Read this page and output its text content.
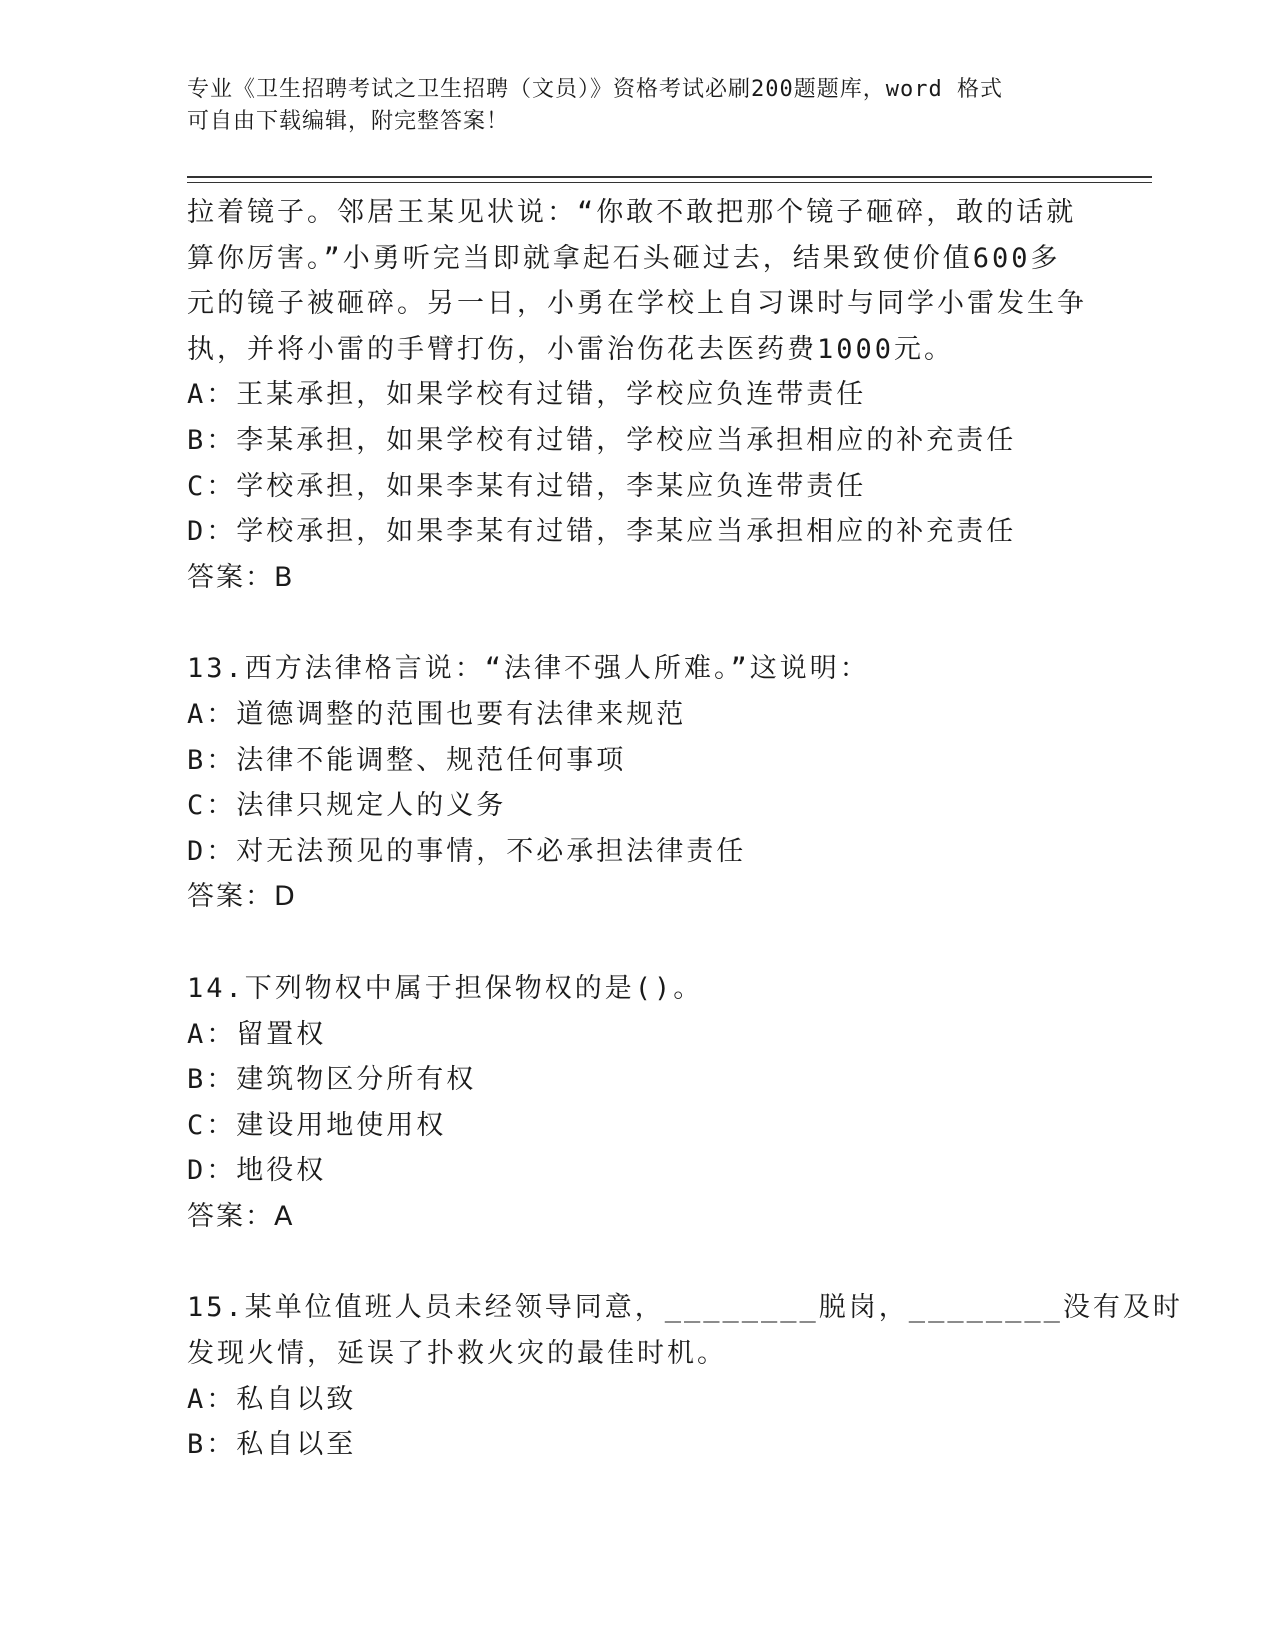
专业《卫生招聘考试之卫生招聘（文员）》资格考试必刷200题题库，word 格式
可自由下载编辑，附完整答案！
拉着镜子。邻居王某见状说：“你敢不敢把那个镜子砸碎，敢的话就
算你厉害。”小勇听完当即就拿起石头砸过去，结果致使价值600多
元的镜子被砸碎。另一日，小勇在学校上自习课时与同学小雷发生争
执，并将小雷的手臂打伤，小雷治伤花去医药费1000元。
A：王某承担，如果学校有过错，学校应负连带责任
B：李某承担，如果学校有过错，学校应当承担相应的补充责任
C：学校承担，如果李某有过错，李某应负连带责任
D：学校承担，如果李某有过错，李某应当承担相应的补充责任
答案：B
13.西方法律格言说：“法律不强人所难。”这说明：
A：道德调整的范围也要有法律来规范
B：法律不能调整、规范任何事项
C：法律只规定人的义务
D：对无法预见的事情，不必承担法律责任
答案：D
14.下列物权中属于担保物权的是()。
A：留置权
B：建筑物区分所有权
C：建设用地使用权
D：地役权
答案：A
15.某单位值班人员未经领导同意，________脱岗，________没有及时
发现火情，延误了扑救火灾的最佳时机。
A：私自以致
B：私自以至
